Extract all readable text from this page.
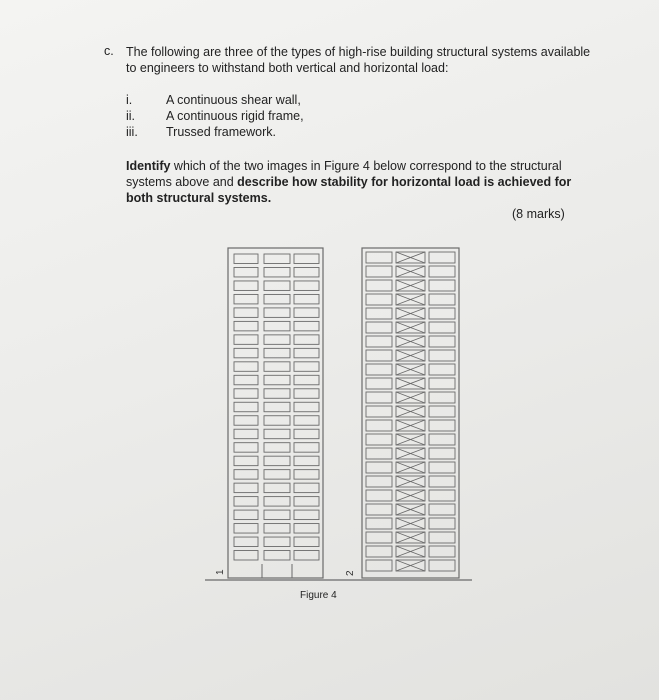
c. The following are three of the types of high-rise building structural systems available to engineers to withstand both vertical and horizontal load:
i.	A continuous shear wall,
ii.	A continuous rigid frame,
iii.	Trussed framework.
Identify which of the two images in Figure 4 below correspond to the structural systems above and describe how stability for horizontal load is achieved for both structural systems.
(8 marks)
1	2
Figure 4
